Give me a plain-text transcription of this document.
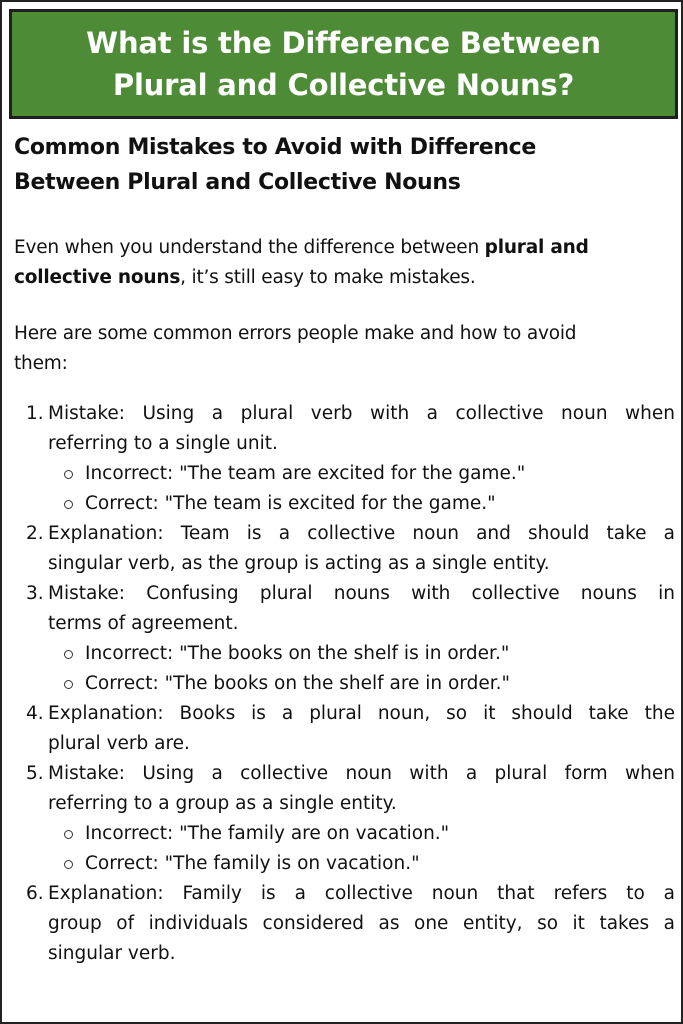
What is the Difference Between
Plural and Collective Nouns?
Common Mistakes to Avoid with Difference
Between Plural and Collective Nouns
Even when you understand the difference between plural and
collective nouns, it’s still easy to make mistakes.
Here are some common errors people make and how to avoid
them:
1. Mistake: Using a plural verb with a collective noun when
referring to a single unit.
Incorrect: "The team are excited for the game."
Correct: "The team is excited for the game."
2. Explanation: Team is a collective noun and should take a
singular verb, as the group is acting as a single entity.
3. Mistake: Confusing plural nouns with collective nouns in
terms of agreement.
Incorrect: "The books on the shelf is in order."
Correct: "The books on the shelf are in order."
4. Explanation: Books is a plural noun, so it should take the
plural verb are.
5. Mistake: Using a collective noun with a plural form when
referring to a group as a single entity.
Incorrect: "The family are on vacation."
Correct: "The family is on vacation."
6. Explanation: Family is a collective noun that refers to a
group of individuals considered as one entity, so it takes a
singular verb.
